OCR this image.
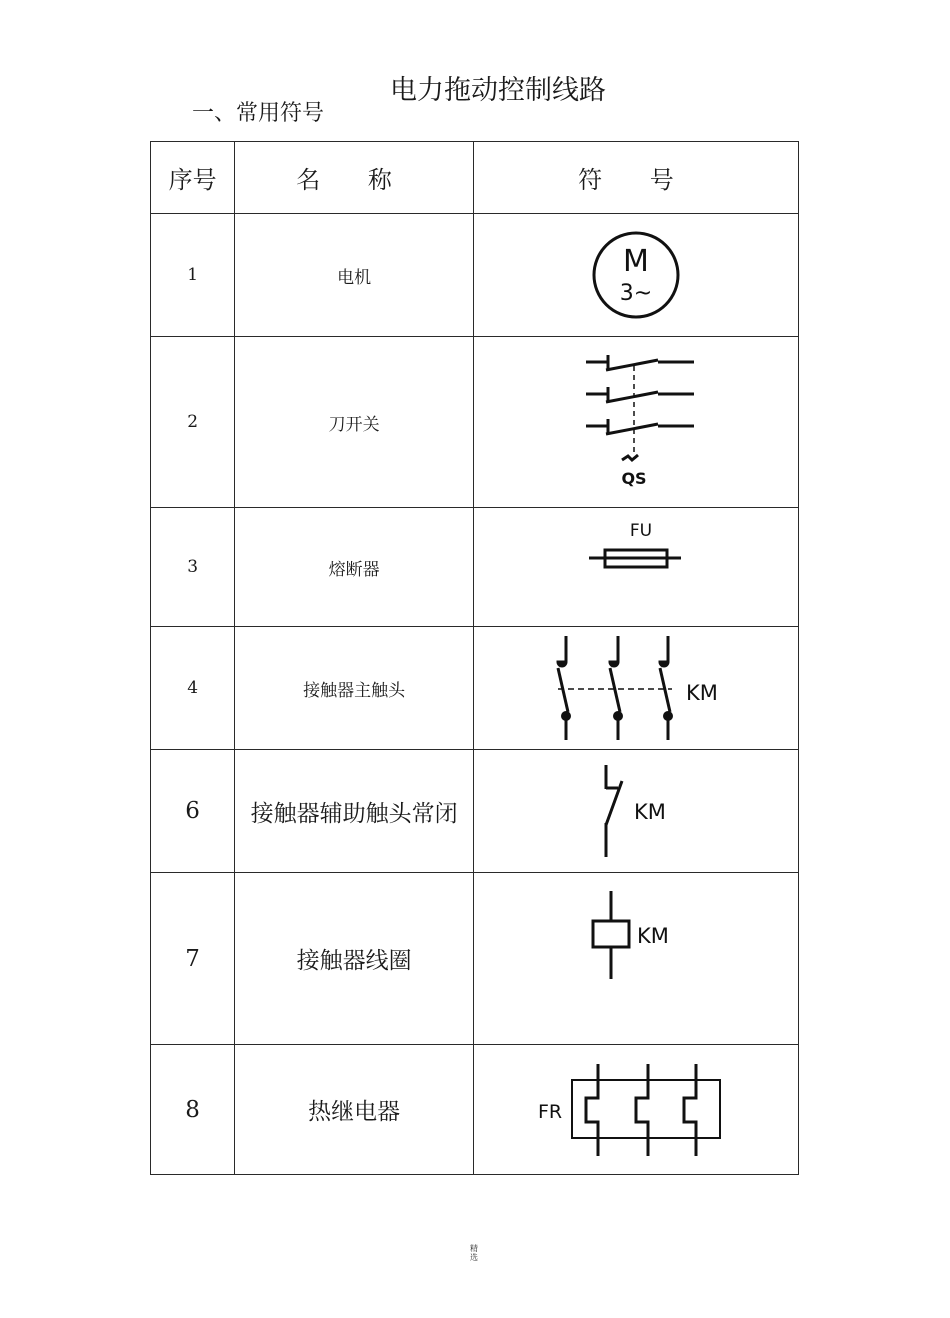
电力拖动控制线路
一、常用符号
序号	名 称	符 号
1	电机	M
3~

2	刀开关	QS

3	熔断器	FU

4	接触器主触头	KM

6	接触器辅助触头常闭	KM

7	接触器线圈	KM

8	热继电器	FR
精选
